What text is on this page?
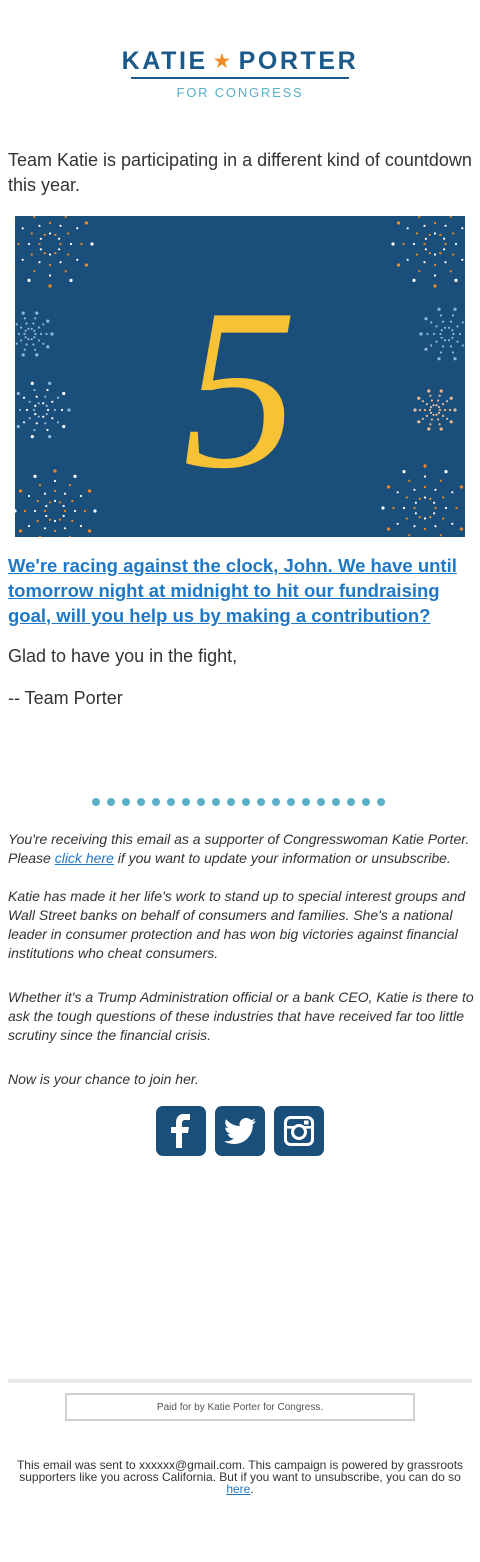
KATIE ★ PORTER
FOR CONGRESS

Team Katie is participating in a different kind of countdown this year.

5

We're racing against the clock, John. We have until tomorrow night at midnight to hit our fundraising goal, will you help us by making a contribution?

Glad to have you in the fight,

-- Team Porter

You're receiving this email as a supporter of Congresswoman Katie Porter. Please click here if you want to update your information or unsubscribe.

Katie has made it her life's work to stand up to special interest groups and Wall Street banks on behalf of consumers and families. She's a national leader in consumer protection and has won big victories against financial institutions who cheat consumers.

Whether it's a Trump Administration official or a bank CEO, Katie is there to ask the tough questions of these industries that have received far too little scrutiny since the financial crisis.

Now is your chance to join her.

Paid for by Katie Porter for Congress.

This email was sent to xxxxxx@gmail.com. This campaign is powered by grassroots supporters like you across California. But if you want to unsubscribe, you can do so here.
